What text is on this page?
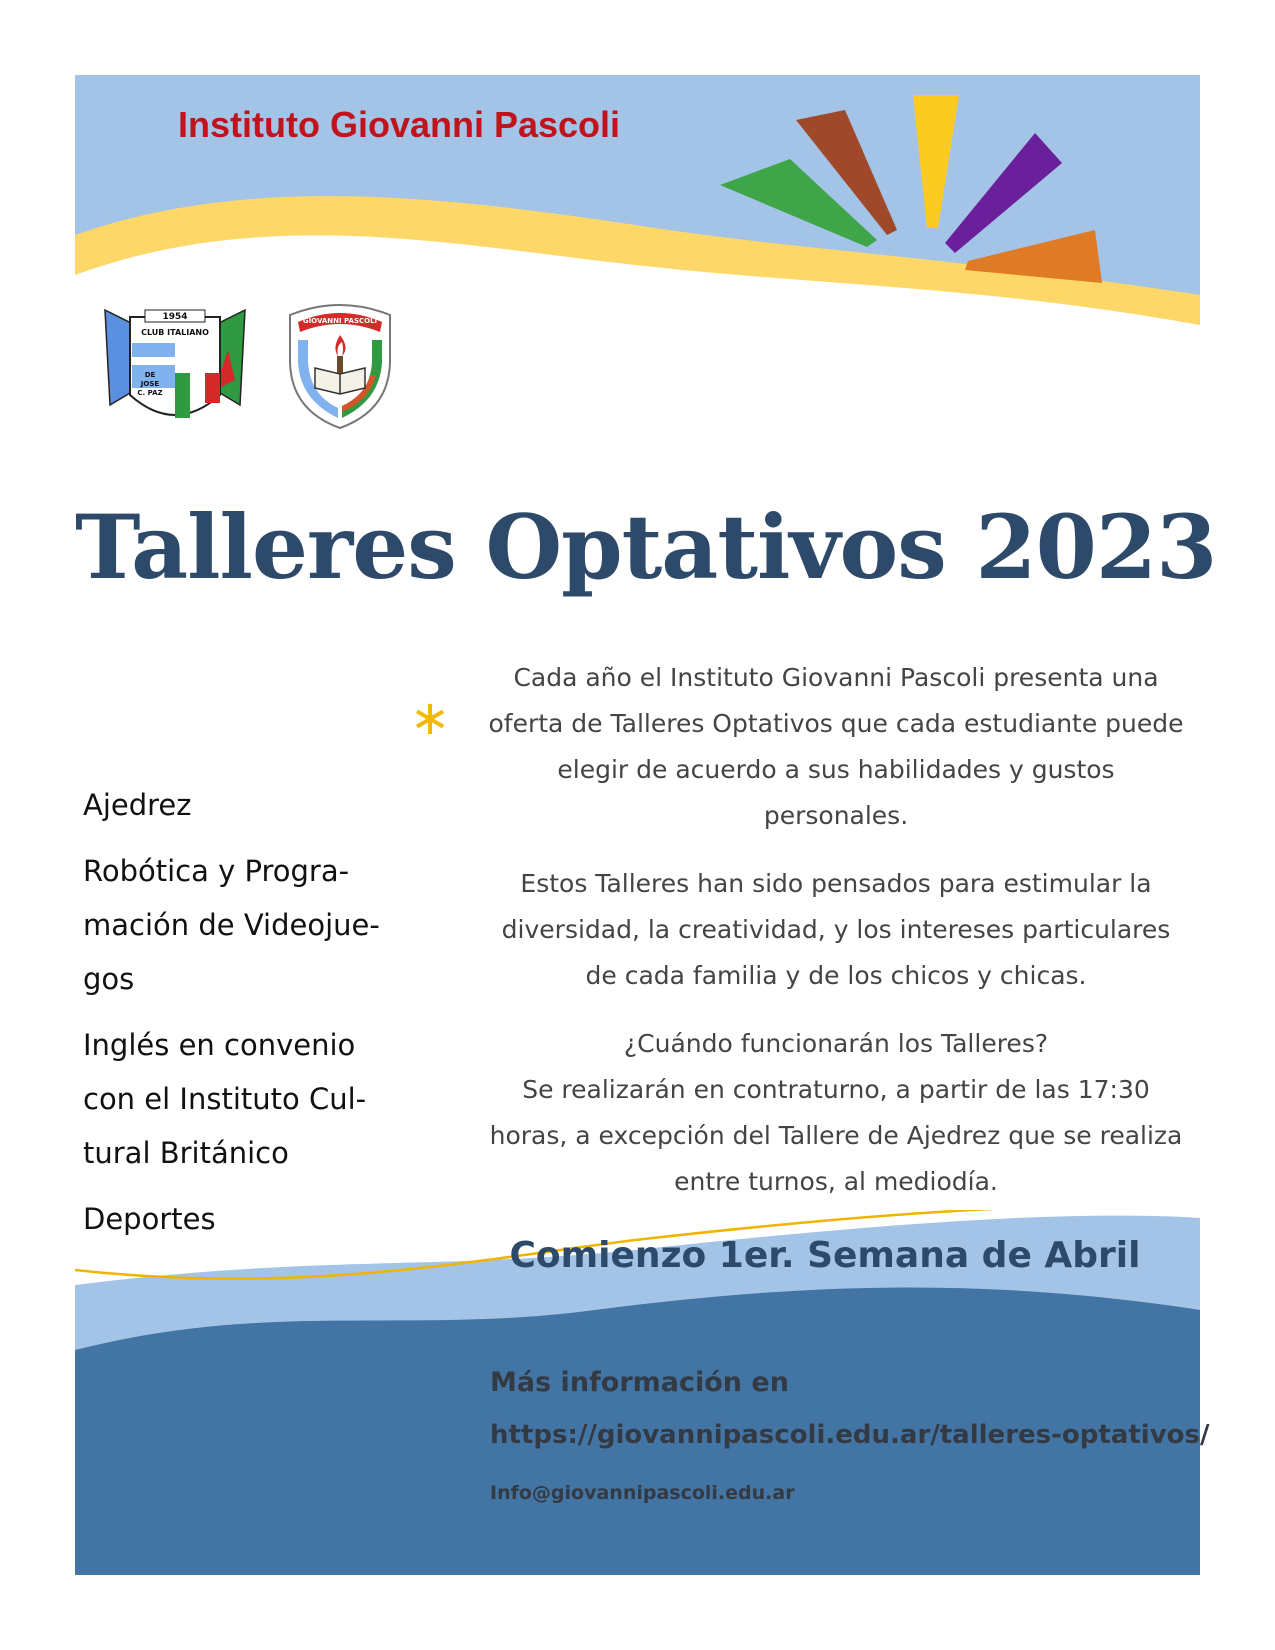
Instituto Giovanni Pascoli
1954
CLUB ITALIANO
DE
JOSE
C. PAZ
GIOVANNI PASCOLI
Talleres Optativos 2023
∗
Ajedrez
Robótica y Progra-mación de Videojue-gos
Inglés en convenio con el Instituto Cul-tural Británico
Deportes

Cada año el Instituto Giovanni Pascoli presenta una oferta de Talleres Optativos que cada estudiante puede elegir de acuerdo a sus habilidades y gustos personales.

Estos Talleres han sido pensados para estimular la diversidad, la creatividad, y los intereses particulares de cada familia y de los chicos y chicas.

¿Cuándo funcionarán los Talleres?
Se realizarán en contraturno, a partir de las 17:30 horas, a excepción del Tallere de Ajedrez que se realiza entre turnos, al mediodía.
Comienzo 1er. Semana de Abril
Más información en
https://giovannipascoli.edu.ar/talleres-optativos/
Info@giovannipascoli.edu.ar
